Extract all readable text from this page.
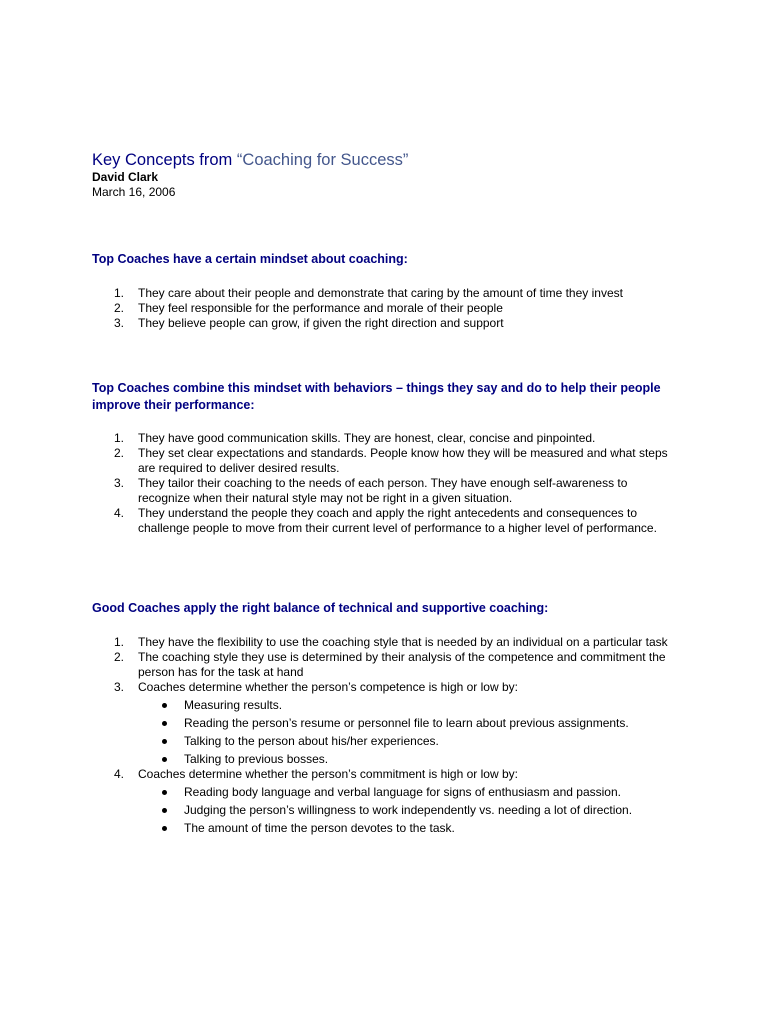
Key Concepts from “Coaching for Success”
David Clark
March 16, 2006
Top Coaches have a certain mindset about coaching:
1.	They care about their people and demonstrate that caring by the amount of time they invest
2.	They feel responsible for the performance and morale of their people
3.	They believe people can grow, if given the right direction and support
Top Coaches combine this mindset with behaviors – things they say and do to help their people improve their performance:
1.	They have good communication skills. They are honest, clear, concise and pinpointed.
2.	They set clear expectations and standards. People know how they will be measured and what steps are required to deliver desired results.
3.	They tailor their coaching to the needs of each person. They have enough self-awareness to recognize when their natural style may not be right in a given situation.
4.	They understand the people they coach and apply the right antecedents and consequences to challenge people to move from their current level of performance to a higher level of performance.
Good Coaches apply the right balance of technical and supportive coaching:
1.	They have the flexibility to use the coaching style that is needed by an individual on a particular task
2.	The coaching style they use is determined by their analysis of the competence and commitment the person has for the task at hand
3.	Coaches determine whether the person’s competence is high or low by:
Measuring results.
Reading the person’s resume or personnel file to learn about previous assignments.
Talking to the person about his/her experiences.
Talking to previous bosses.
4.	Coaches determine whether the person’s commitment is high or low by:
Reading body language and verbal language for signs of enthusiasm and passion.
Judging the person’s willingness to work independently vs. needing a lot of direction.
The amount of time the person devotes to the task.
